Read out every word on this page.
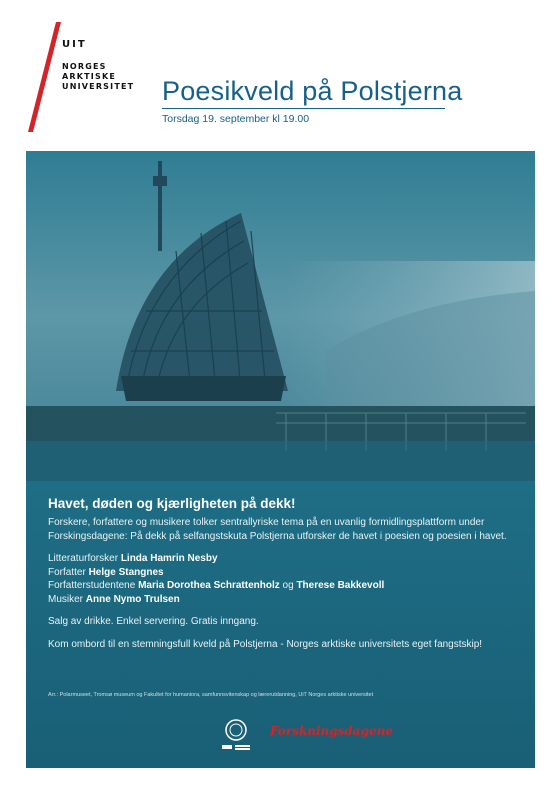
UIT
NORGES
ARKTISKE
UNIVERSITET Poesikveld på Polstjerna
Torsdag 19. september kl 19.00
Havet, døden og kjærligheten på dekk!

Forskere, forfattere og musikere tolker sentrallyriske tema på en uvanlig formidlingsplattform under Forskingsdagene: På dekk på selfangstskuta Polstjerna utforsker de havet i poesien og poesien i havet.

Litteraturforsker Linda Hamrin Nesby
Forfatter Helge Stangnes
Forfatterstudentene Maria Dorothea Schrattenholz og Therese Bakkevoll
Musiker Anne Nymo Trulsen

Salg av drikke. Enkel servering. Gratis inngang.

Kom ombord til en stemningsfull kveld på Polstjerna - Norges arktiske universitets eget fangstskip!

Arr.: Polarmuseet, Tromsø museum og Fakultet for humaniora, samfunnsvitenskap og lærerutdanning, UiT Norges arktiske universitet
Forskningsdagene
